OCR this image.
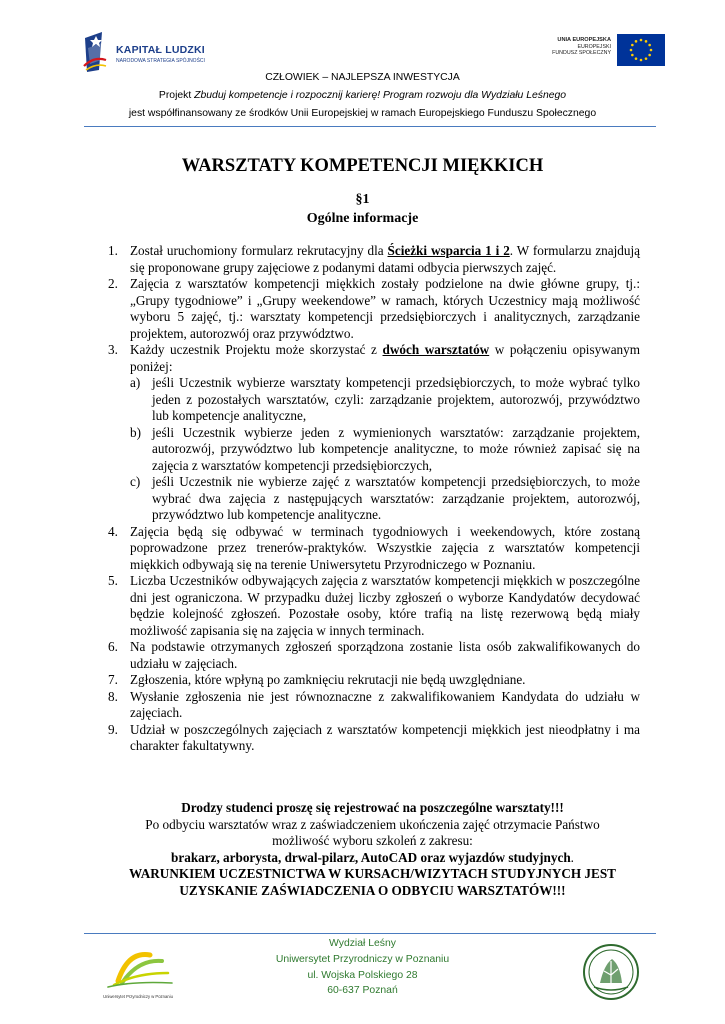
KAPITAŁ LUDZKI
NARODOWA STRATEGIA SPÓJNOŚCI
UNIA EUROPEJSKA
EUROPEJSKI
FUNDUSZ SPOŁECZNY
CZŁOWIEK – NAJLEPSZA INWESTYCJA
Projekt Zbuduj kompetencje i rozpocznij karierę! Program rozwoju dla Wydziału Leśnego
jest współfinansowany ze środków Unii Europejskiej w ramach Europejskiego Funduszu Społecznego
WARSZTATY KOMPETENCJI MIĘKKICH
§1
Ogólne informacje
1. Został uruchomiony formularz rekrutacyjny dla Ścieżki wsparcia 1 i 2. W formularzu znajdują się proponowane grupy zajęciowe z podanymi datami odbycia pierwszych zajęć.
2. Zajęcia z warsztatów kompetencji miękkich zostały podzielone na dwie główne grupy, tj.: „Grupy tygodniowe” i „Grupy weekendowe” w ramach, których Uczestnicy mają możliwość wyboru 5 zajęć, tj.: warsztaty kompetencji przedsiębiorczych i analitycznych, zarządzanie projektem, autorozwój oraz przywództwo.
3. Każdy uczestnik Projektu może skorzystać z dwóch warsztatów w połączeniu opisywanym poniżej:
a) jeśli Uczestnik wybierze warsztaty kompetencji przedsiębiorczych, to może wybrać tylko jeden z pozostałych warsztatów, czyli: zarządzanie projektem, autorozwój, przywództwo lub kompetencje analityczne,
b) jeśli Uczestnik wybierze jeden z wymienionych warsztatów: zarządzanie projektem, autorozwój, przywództwo lub kompetencje analityczne, to może również zapisać się na zajęcia z warsztatów kompetencji przedsiębiorczych,
c) jeśli Uczestnik nie wybierze zajęć z warsztatów kompetencji przedsiębiorczych, to może wybrać dwa zajęcia z następujących warsztatów: zarządzanie projektem, autorozwój, przywództwo lub kompetencje analityczne.
4. Zajęcia będą się odbywać w terminach tygodniowych i weekendowych, które zostaną poprowadzone przez trenerów-praktyków. Wszystkie zajęcia z warsztatów kompetencji miękkich odbywają się na terenie Uniwersytetu Przyrodniczego w Poznaniu.
5. Liczba Uczestników odbywających zajęcia z warsztatów kompetencji miękkich w poszczególne dni jest ograniczona. W przypadku dużej liczby zgłoszeń o wyborze Kandydatów decydować będzie kolejność zgłoszeń. Pozostałe osoby, które trafią na listę rezerwową będą miały możliwość zapisania się na zajęcia w innych terminach.
6. Na podstawie otrzymanych zgłoszeń sporządzona zostanie lista osób zakwalifikowanych do udziału w zajęciach.
7. Zgłoszenia, które wpłyną po zamknięciu rekrutacji nie będą uwzględniane.
8. Wysłanie zgłoszenia nie jest równoznaczne z zakwalifikowaniem Kandydata do udziału w zajęciach.
9. Udział w poszczególnych zajęciach z warsztatów kompetencji miękkich jest nieodpłatny i ma charakter fakultatywny.
Drodzy studenci proszę się rejestrować na poszczególne warsztaty!!!
Po odbyciu warsztatów wraz z zaświadczeniem ukończenia zajęć otrzymacie Państwo
możliwość wyboru szkoleń z zakresu:
brakarz, arborysta, drwal-pilarz, AutoCAD oraz wyjazdów studyjnych.
WARUNKIEM UCZESTNICTWA W KURSACH/WIZYTACH STUDYJNYCH JEST
UZYSKANIE ZAŚWIADCZENIA O ODBYCIU WARSZTATÓW!!!
Uniwersytet Przyrodniczy w Poznaniu
Wydział Leśny
Uniwersytet Przyrodniczy w Poznaniu
ul. Wojska Polskiego 28
60-637 Poznań
